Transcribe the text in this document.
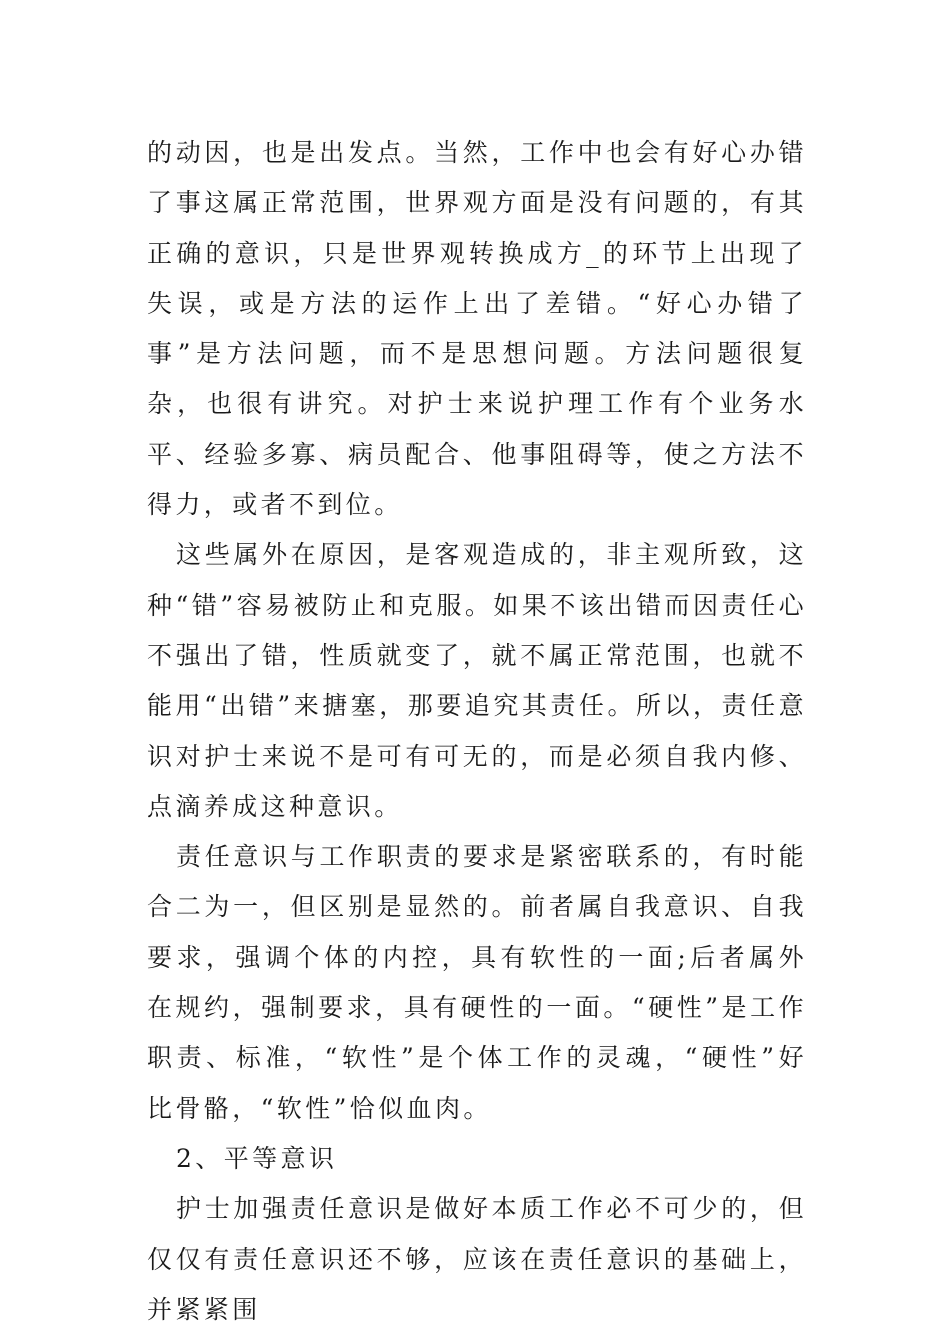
的动因，也是出发点。当然，工作中也会有好心办错了事这属正常范围，世界观方面是没有问题的，有其正确的意识，只是世界观转换成方_的环节上出现了失误，或是方法的运作上出了差错。“好心办错了事”是方法问题，而不是思想问题。方法问题很复杂，也很有讲究。对护士来说护理工作有个业务水平、经验多寡、病员配合、他事阻碍等，使之方法不得力，或者不到位。

这些属外在原因，是客观造成的，非主观所致，这种“错”容易被防止和克服。如果不该出错而因责任心不强出了错，性质就变了，就不属正常范围，也就不能用“出错”来搪塞，那要追究其责任。所以，责任意识对护士来说不是可有可无的，而是必须自我内修、点滴养成这种意识。

责任意识与工作职责的要求是紧密联系的，有时能合二为一，但区别是显然的。前者属自我意识、自我要求，强调个体的内控，具有软性的一面;后者属外在规约，强制要求，具有硬性的一面。“硬性”是工作职责、标准，“软性”是个体工作的灵魂，“硬性”好比骨骼，“软性”恰似血肉。

2、平等意识

护士加强责任意识是做好本质工作必不可少的，但仅仅有责任意识还不够，应该在责任意识的基础上，并紧紧围
